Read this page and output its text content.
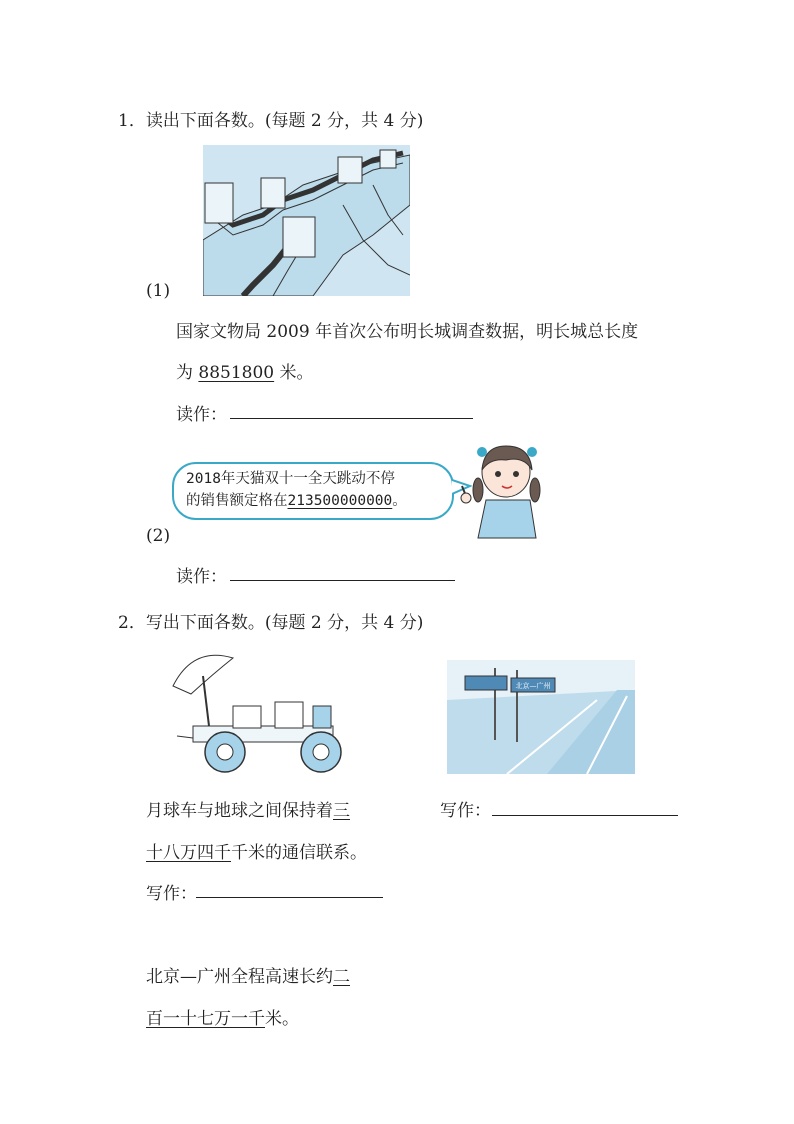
1．读出下面各数。(每题 2 分，共 4 分)
(1)
国家文物局 2009 年首次公布明长城调查数据，明长城总长度
为 8851800 米。
读作：
2018年天猫双十一全天跳动不停
的销售额定格在213500000000。
(2)
读作：
2．写出下面各数。(每题 2 分，共 4 分)
北京—广州
月球车与地球之间保持着三	写作：
十八万四千千米的通信联系。
写作：
北京—广州全程高速长约二
百一十七万一千米。
